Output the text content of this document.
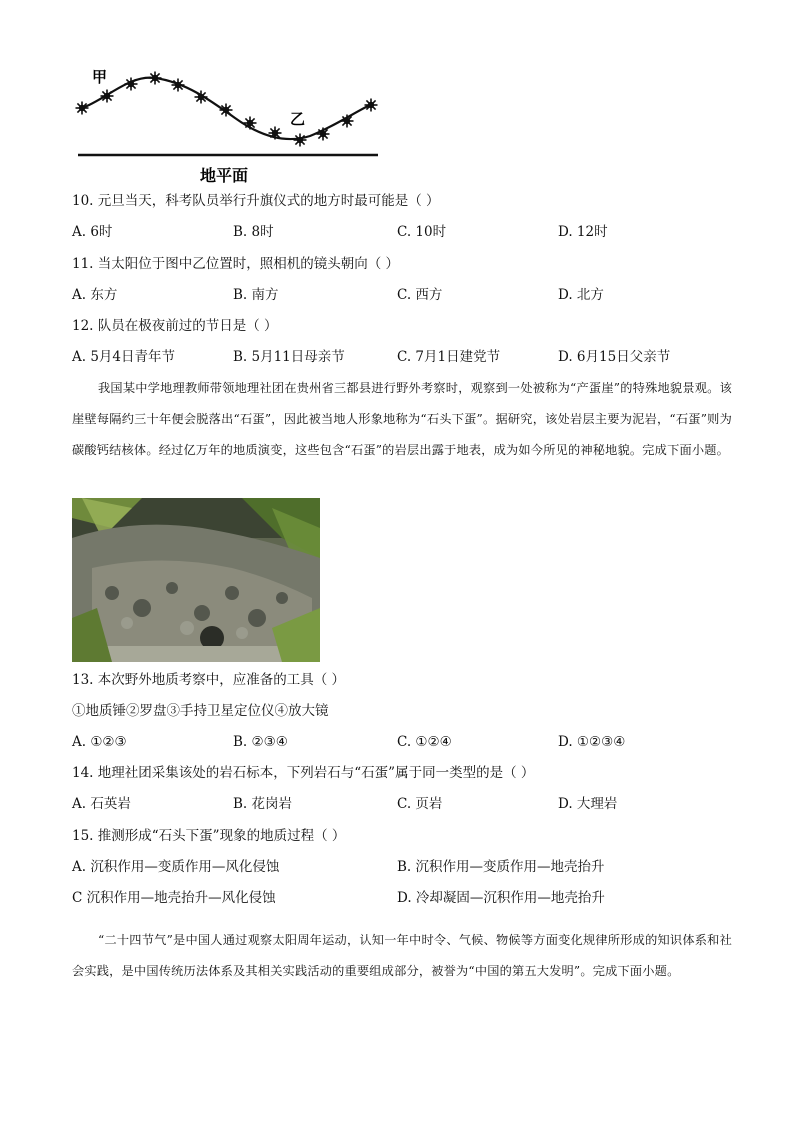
甲
乙
地平面
10. 元旦当天，科考队员举行升旗仪式的地方时最可能是（ ）
A. 6时	B. 8时	C. 10时	D. 12时
11. 当太阳位于图中乙位置时，照相机的镜头朝向（ ）
A. 东方	B. 南方	C. 西方	D. 北方
12. 队员在极夜前过的节日是（ ）
A. 5月4日青年节	B. 5月11日母亲节	C. 7月1日建党节	D. 6月15日父亲节
我国某中学地理教师带领地理社团在贵州省三都县进行野外考察时，观察到一处被称为“产蛋崖”的特殊地貌景观。该崖壁每隔约三十年便会脱落出“石蛋”，因此被当地人形象地称为“石头下蛋”。据研究，该处岩层主要为泥岩，“石蛋”则为碳酸钙结核体。经过亿万年的地质演变，这些包含“石蛋”的岩层出露于地表，成为如今所见的神秘地貌。完成下面小题。
13. 本次野外地质考察中，应准备的工具（ ）
①地质锤②罗盘③手持卫星定位仪④放大镜
A. ①②③	B. ②③④	C. ①②④	D. ①②③④
14. 地理社团采集该处的岩石标本，下列岩石与“石蛋”属于同一类型的是（ ）
A. 石英岩	B. 花岗岩	C. 页岩	D. 大理岩
15. 推测形成“石头下蛋”现象的地质过程（ ）
A. 沉积作用—变质作用—风化侵蚀	B. 沉积作用—变质作用—地壳抬升
C 沉积作用—地壳抬升—风化侵蚀	D. 冷却凝固—沉积作用—地壳抬升
“二十四节气”是中国人通过观察太阳周年运动，认知一年中时令、气候、物候等方面变化规律所形成的知识体系和社会实践，是中国传统历法体系及其相关实践活动的重要组成部分，被誉为“中国的第五大发明”。完成下面小题。
